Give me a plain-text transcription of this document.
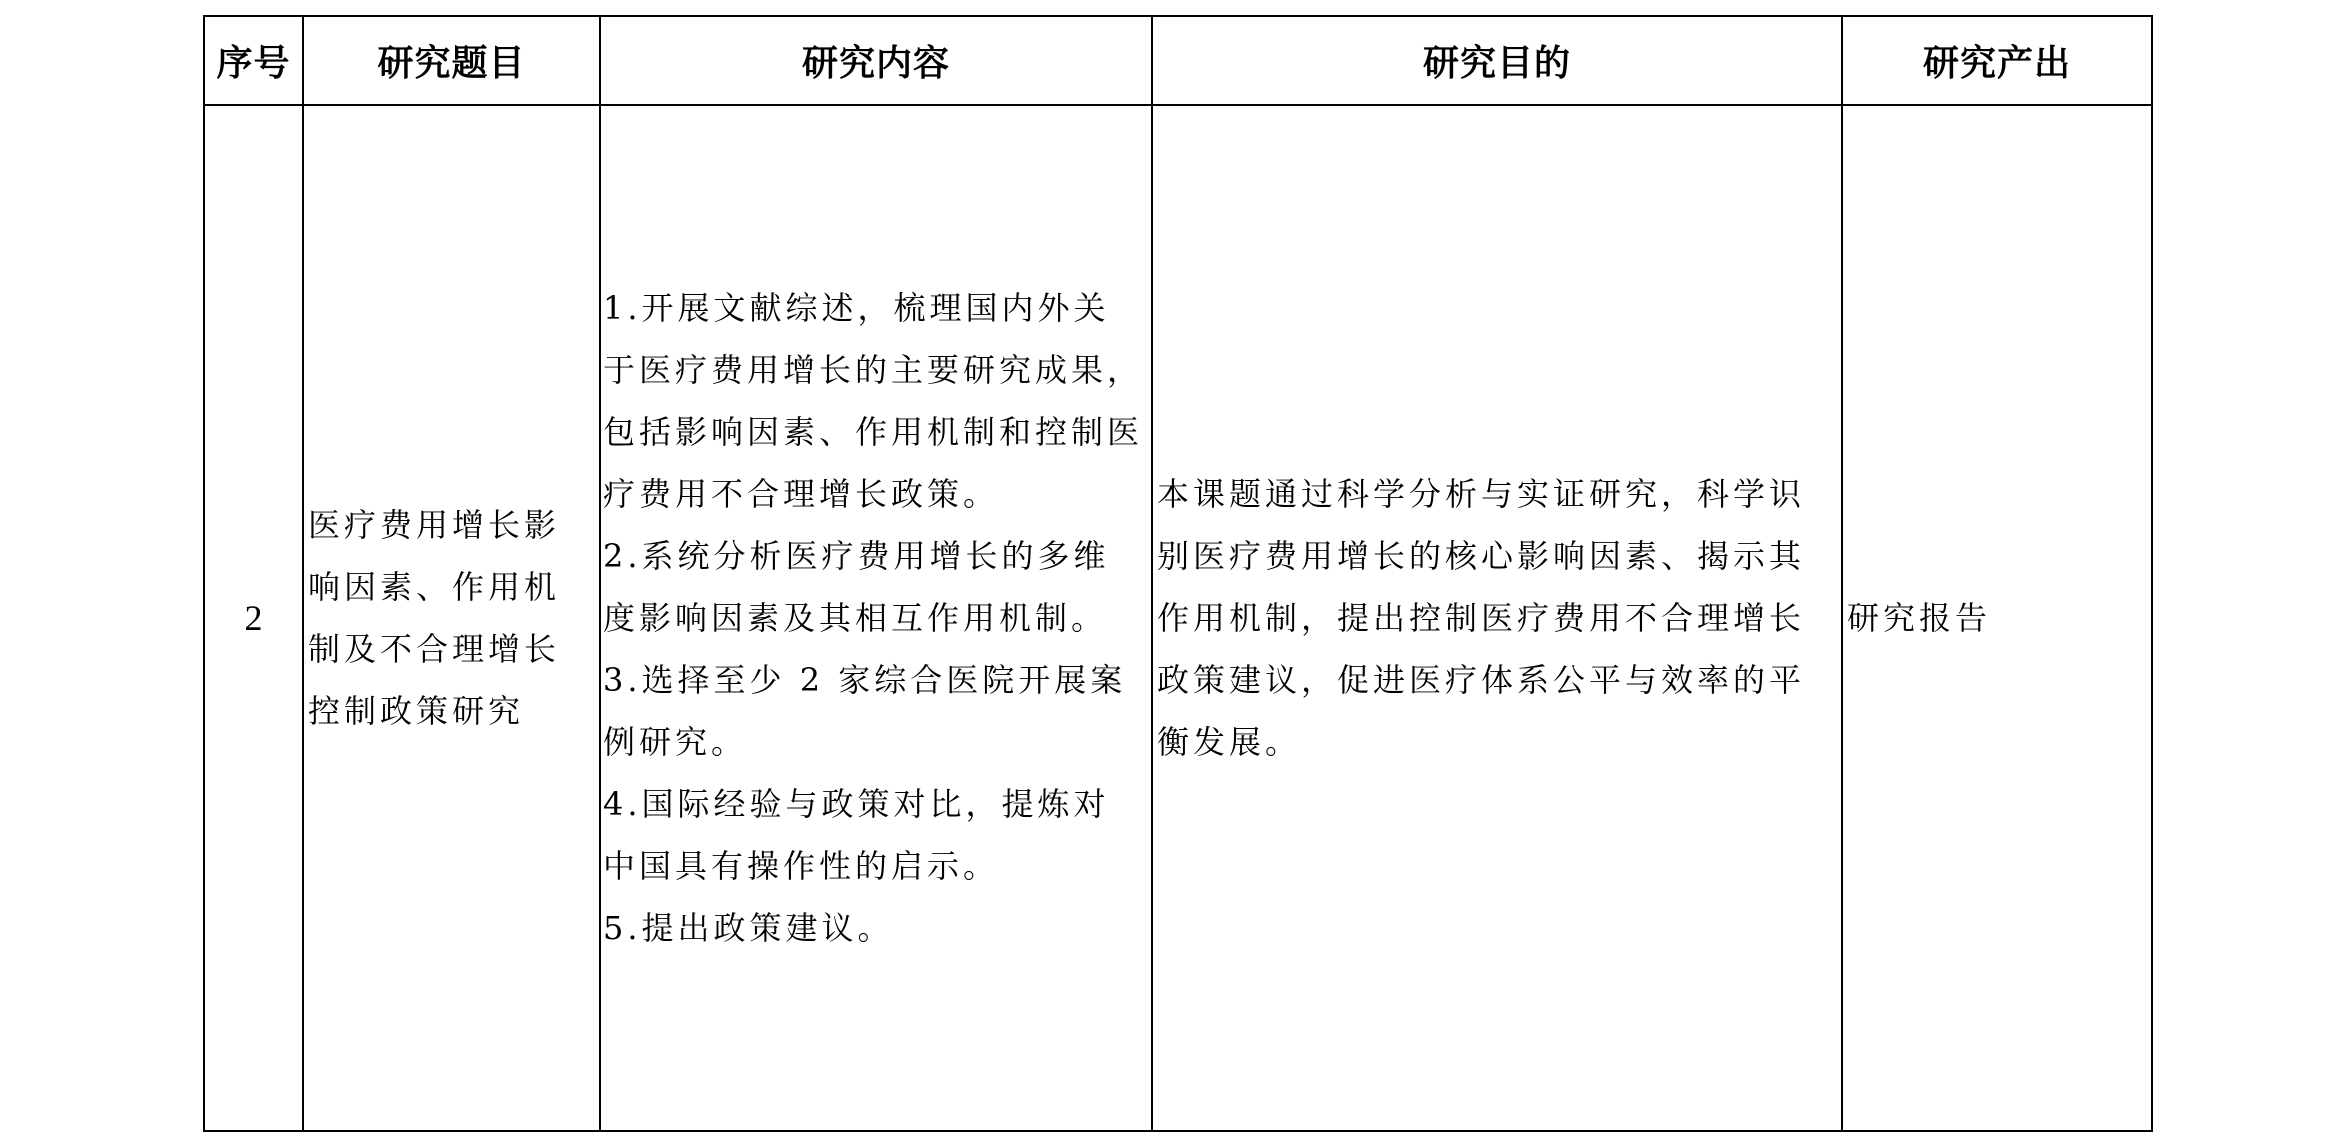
序号	研究题目	研究内容	研究目的	研究产出
2	医疗费用增长影响因素、作用机制及不合理增长控制政策研究	1.开展文献综述，梳理国内外关于医疗费用增长的主要研究成果，包括影响因素、作用机制和控制医疗费用不合理增长政策。
2.系统分析医疗费用增长的多维度影响因素及其相互作用机制。
3.选择至少 2 家综合医院开展案例研究。
4.国际经验与政策对比，提炼对中国具有操作性的启示。
5.提出政策建议。	本课题通过科学分析与实证研究，科学识别医疗费用增长的核心影响因素、揭示其作用机制，提出控制医疗费用不合理增长政策建议，促进医疗体系公平与效率的平衡发展。	研究报告
